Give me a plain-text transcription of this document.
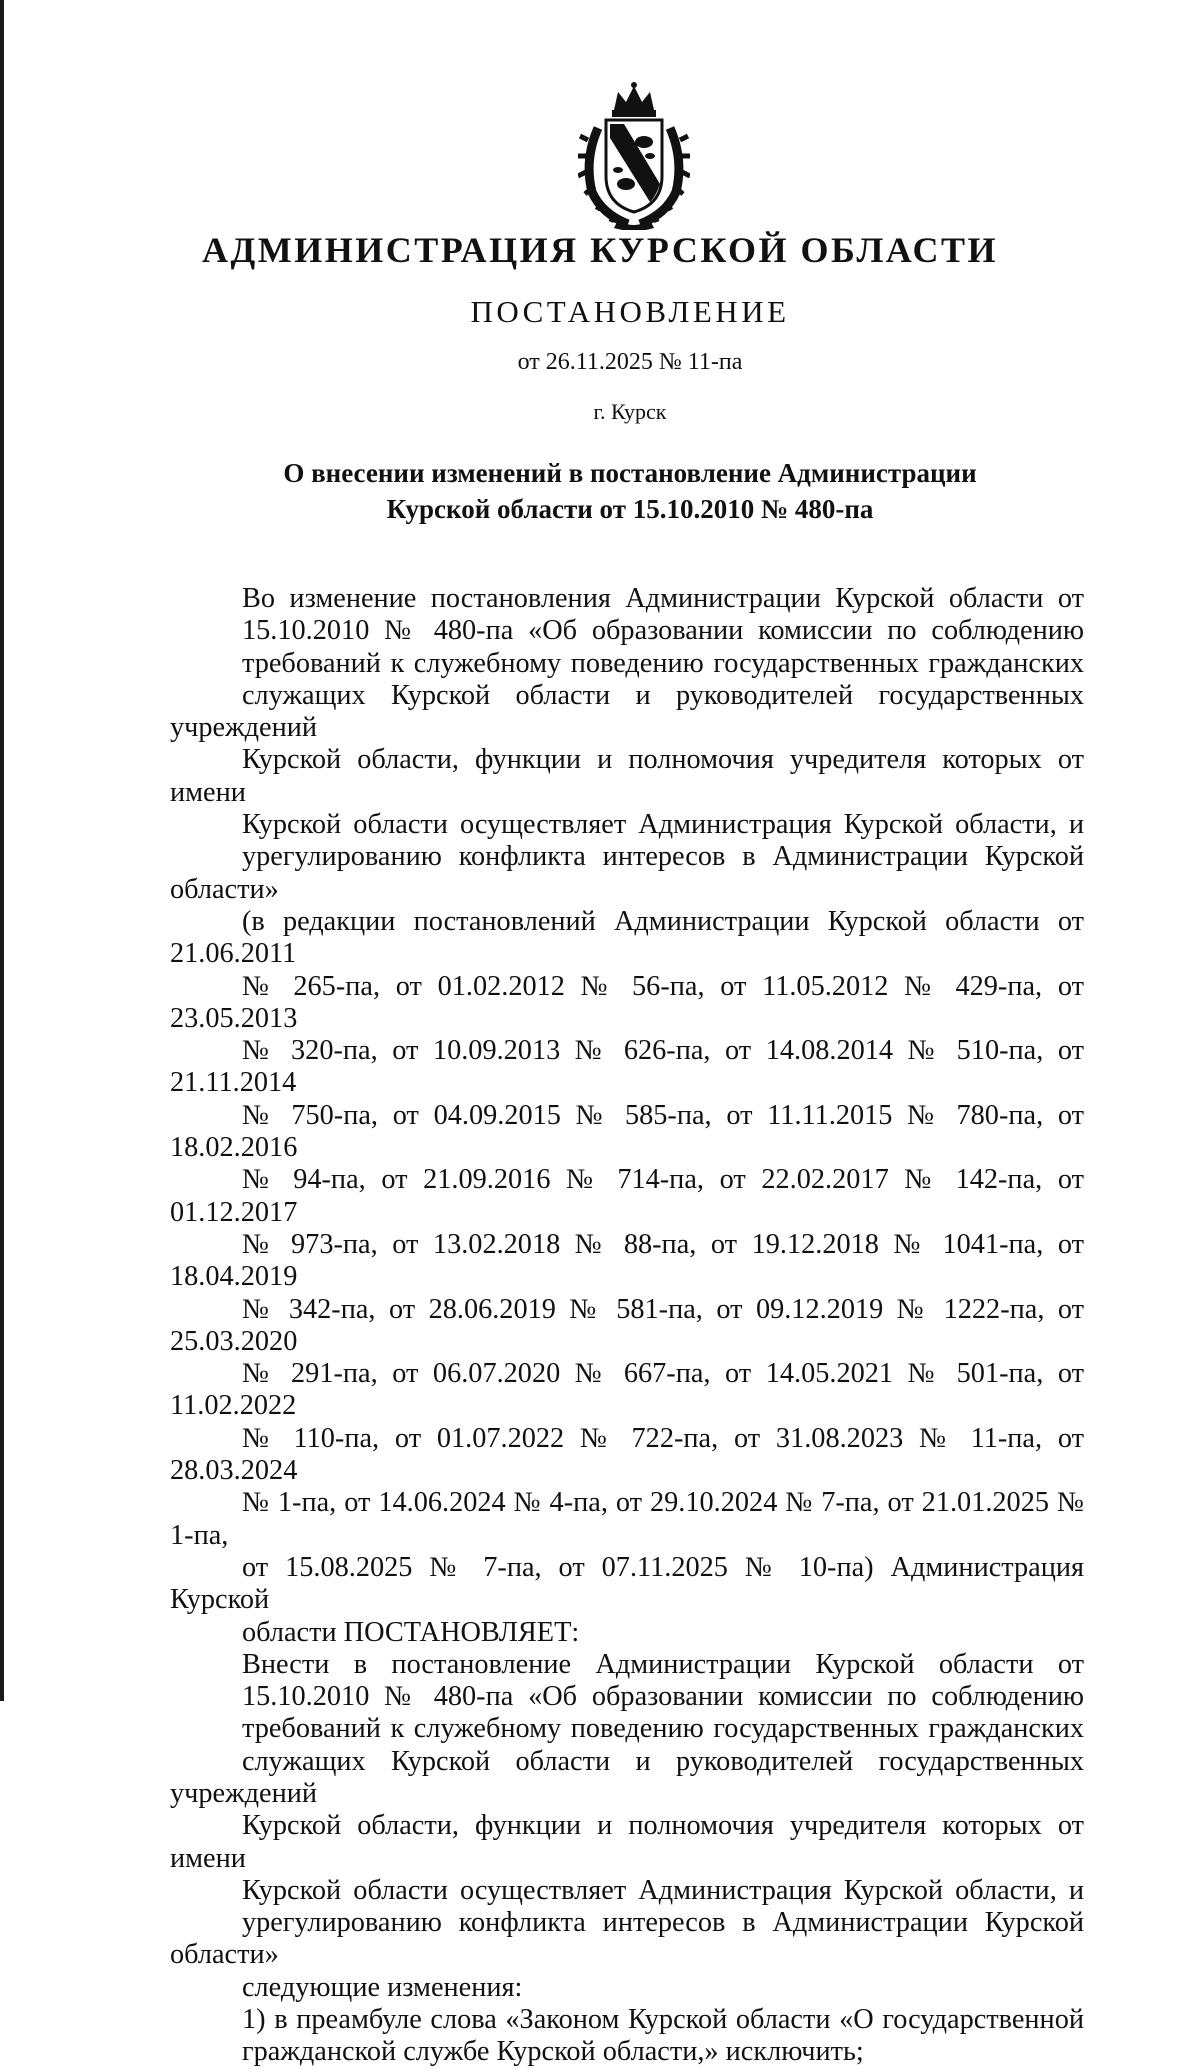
АДМИНИСТРАЦИЯ КУРСКОЙ ОБЛАСТИ
ПОСТАНОВЛЕНИЕ
от 26.11.2025 № 11-па
г. Курск
О внесении изменений в постановление Администрации
Курской области от 15.10.2010 № 480-па

Во изменение постановления Администрации Курской области от
15.10.2010 № 480-па «Об образовании комиссии по соблюдению
требований к служебному поведению государственных гражданских
служащих Курской области и руководителей государственных учреждений
Курской области, функции и полномочия учредителя которых от имени
Курской области осуществляет Администрация Курской области, и
урегулированию конфликта интересов в Администрации Курской области»
(в редакции постановлений Администрации Курской области от 21.06.2011
№ 265-па, от 01.02.2012 № 56-па, от 11.05.2012 № 429-па, от 23.05.2013
№ 320-па, от 10.09.2013 № 626-па, от 14.08.2014 № 510-па, от 21.11.2014
№ 750-па, от 04.09.2015 № 585-па, от 11.11.2015 № 780-па, от 18.02.2016
№ 94-па, от 21.09.2016 № 714-па, от 22.02.2017 № 142-па, от 01.12.2017
№ 973-па, от 13.02.2018 № 88-па, от 19.12.2018 № 1041-па, от 18.04.2019
№ 342-па, от 28.06.2019 № 581-па, от 09.12.2019 № 1222-па, от 25.03.2020
№ 291-па, от 06.07.2020 № 667-па, от 14.05.2021 № 501-па, от 11.02.2022
№ 110-па, от 01.07.2022 № 722-па, от 31.08.2023 № 11-па, от 28.03.2024
№ 1-па, от 14.06.2024 № 4-па, от 29.10.2024 № 7-па, от 21.01.2025 № 1-па,
от 15.08.2025 № 7-па, от 07.11.2025 № 10-па) Администрация Курской
области ПОСТАНОВЛЯЕТ:

Внести в постановление Администрации Курской области от
15.10.2010 № 480-па «Об образовании комиссии по соблюдению
требований к служебному поведению государственных гражданских
служащих Курской области и руководителей государственных учреждений
Курской области, функции и полномочия учредителя которых от имени
Курской области осуществляет Администрация Курской области, и
урегулированию конфликта интересов в Администрации Курской области»
следующие изменения:

1) в преамбуле слова «Законом Курской области «О государственной
гражданской службе Курской области,» исключить;
